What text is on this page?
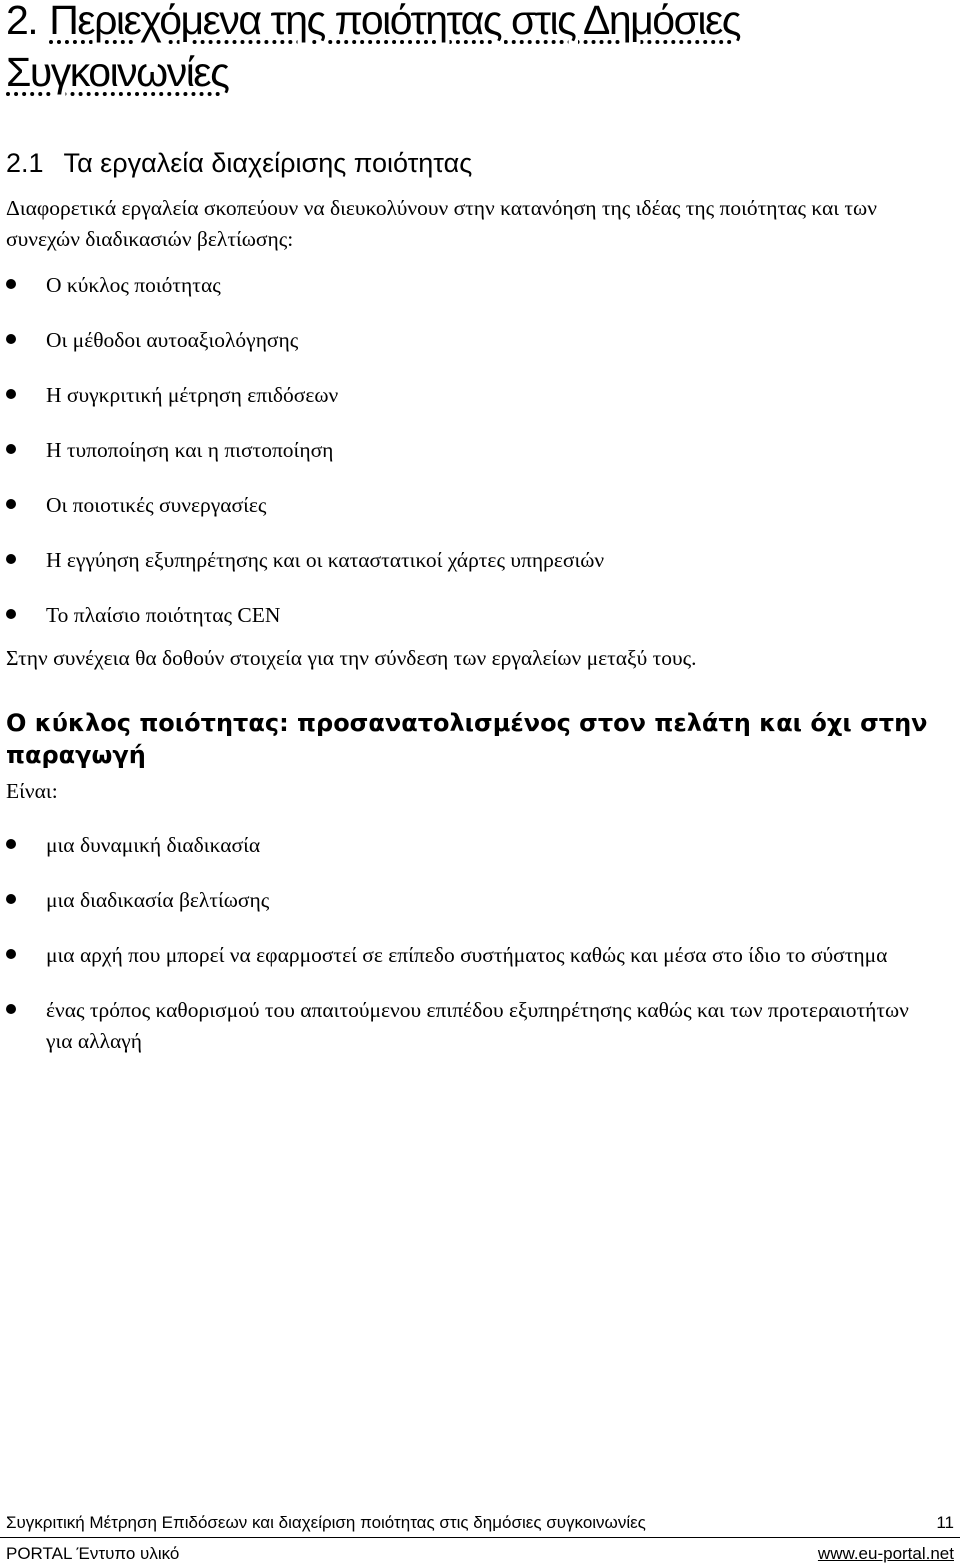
2. Περιεχόμενα της ποιότητας στις Δημόσιες Συγκοινωνίες
2.1 Τα εργαλεία διαχείρισης ποιότητας

Διαφορετικά εργαλεία σκοπεύουν να διευκολύνουν στην κατανόηση της ιδέας της ποιότητας και των συνεχών διαδικασιών βελτίωσης:

Ο κύκλος ποιότητας
Οι μέθοδοι αυτοαξιολόγησης
Η συγκριτική μέτρηση επιδόσεων
Η τυποποίηση και η πιστοποίηση
Οι ποιοτικές συνεργασίες
Η εγγύηση εξυπηρέτησης και οι καταστατικοί χάρτες υπηρεσιών
Το πλαίσιο ποιότητας CEN

Στην συνέχεια θα δοθούν στοιχεία για την σύνδεση των εργαλείων μεταξύ τους.

Ο κύκλος ποιότητας: προσανατολισμένος στον πελάτη και όχι στην παραγωγή

Είναι:

μια δυναμική διαδικασία
μια διαδικασία βελτίωσης
μια αρχή που μπορεί να εφαρμοστεί σε επίπεδο συστήματος καθώς και μέσα στο ίδιο το σύστημα
ένας τρόπος καθορισμού του απαιτούμενου επιπέδου εξυπηρέτησης καθώς και των προτεραιοτήτων για αλλαγή
Συγκριτική Μέτρηση Επιδόσεων και διαχείριση ποιότητας στις δημόσιες συγκοινωνίες	11
PORTAL Έντυπο υλικό	www.eu-portal.net
